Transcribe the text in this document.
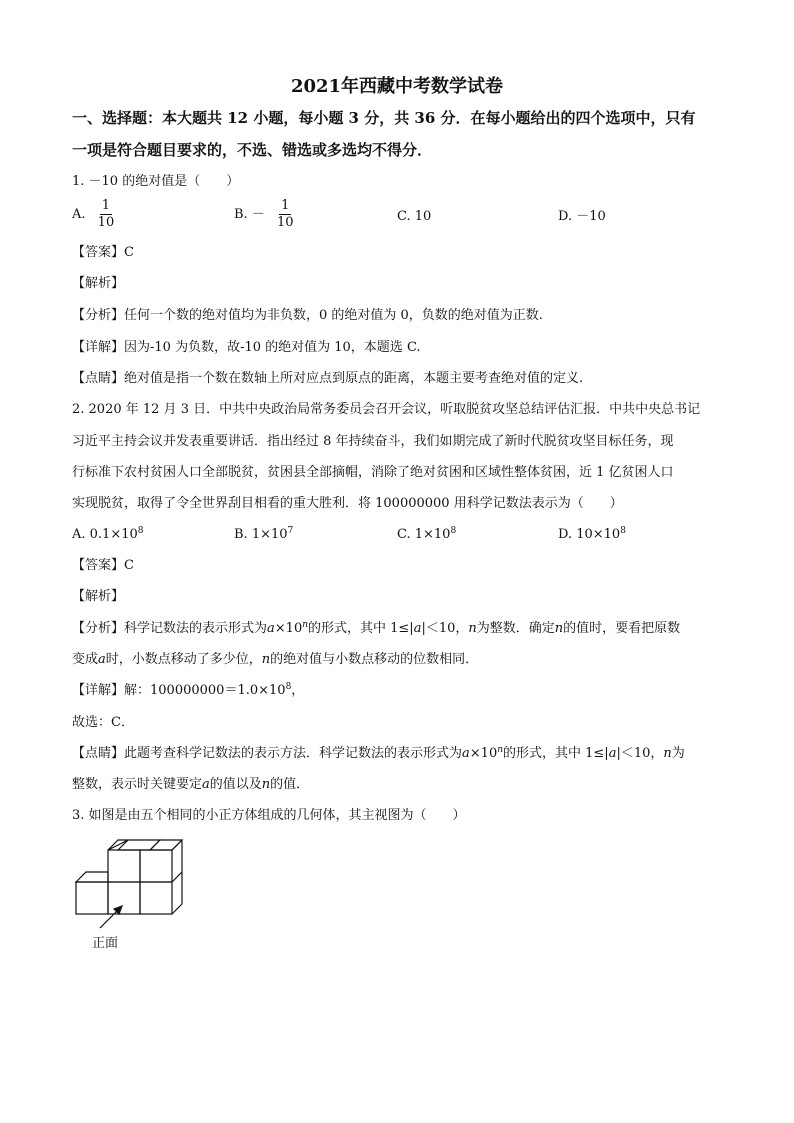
2021年西藏中考数学试卷
一、选择题：本大题共 12 小题，每小题 3 分，共 36 分．在每小题给出的四个选项中，只有
一项是符合题目要求的，不选、错选或多选均不得分．
1. －10 的绝对值是（　　）
A. $\frac{1}{10}$	B. － $\frac{1}{10}$	C. 10	D. －10
【答案】C
【解析】
【分析】任何一个数的绝对值均为非负数，0 的绝对值为 0，负数的绝对值为正数.
【详解】因为-10 为负数，故-10 的绝对值为 10，本题选 C.
【点睛】绝对值是指一个数在数轴上所对应点到原点的距离，本题主要考查绝对值的定义.
2. 2020 年 12 月 3 日．中共中央政治局常务委员会召开会议，听取脱贫攻坚总结评估汇报．中共中央总书记
习近平主持会议并发表重要讲话．指出经过 8 年持续奋斗，我们如期完成了新时代脱贫攻坚目标任务，现
行标准下农村贫困人口全部脱贫，贫困县全部摘帽，消除了绝对贫困和区域性整体贫困，近 1 亿贫困人口
实现脱贫，取得了令全世界刮目相看的重大胜利．将 100000000 用科学记数法表示为（　　）
A. $0.1\times 10^8$	B. $1\times 10^7$	C. $1\times 10^8$	D. $10\times 10^8$
【答案】C
【解析】
【分析】科学记数法的表示形式为$a\times 10^n$的形式，其中 1≤|a|＜10，n为整数．确定n的值时，要看把原数
变成a时，小数点移动了多少位，n的绝对值与小数点移动的位数相同．
【详解】解：$100000000=1.0\times 10^8$，
故选：C．
【点睛】此题考查科学记数法的表示方法．科学记数法的表示形式为$a\times 10^n$的形式，其中 1≤|a|＜10，n为
整数，表示时关键要定a的值以及n的值．
3. 如图是由五个相同的小正方体组成的几何体，其主视图为（　　）
正面
